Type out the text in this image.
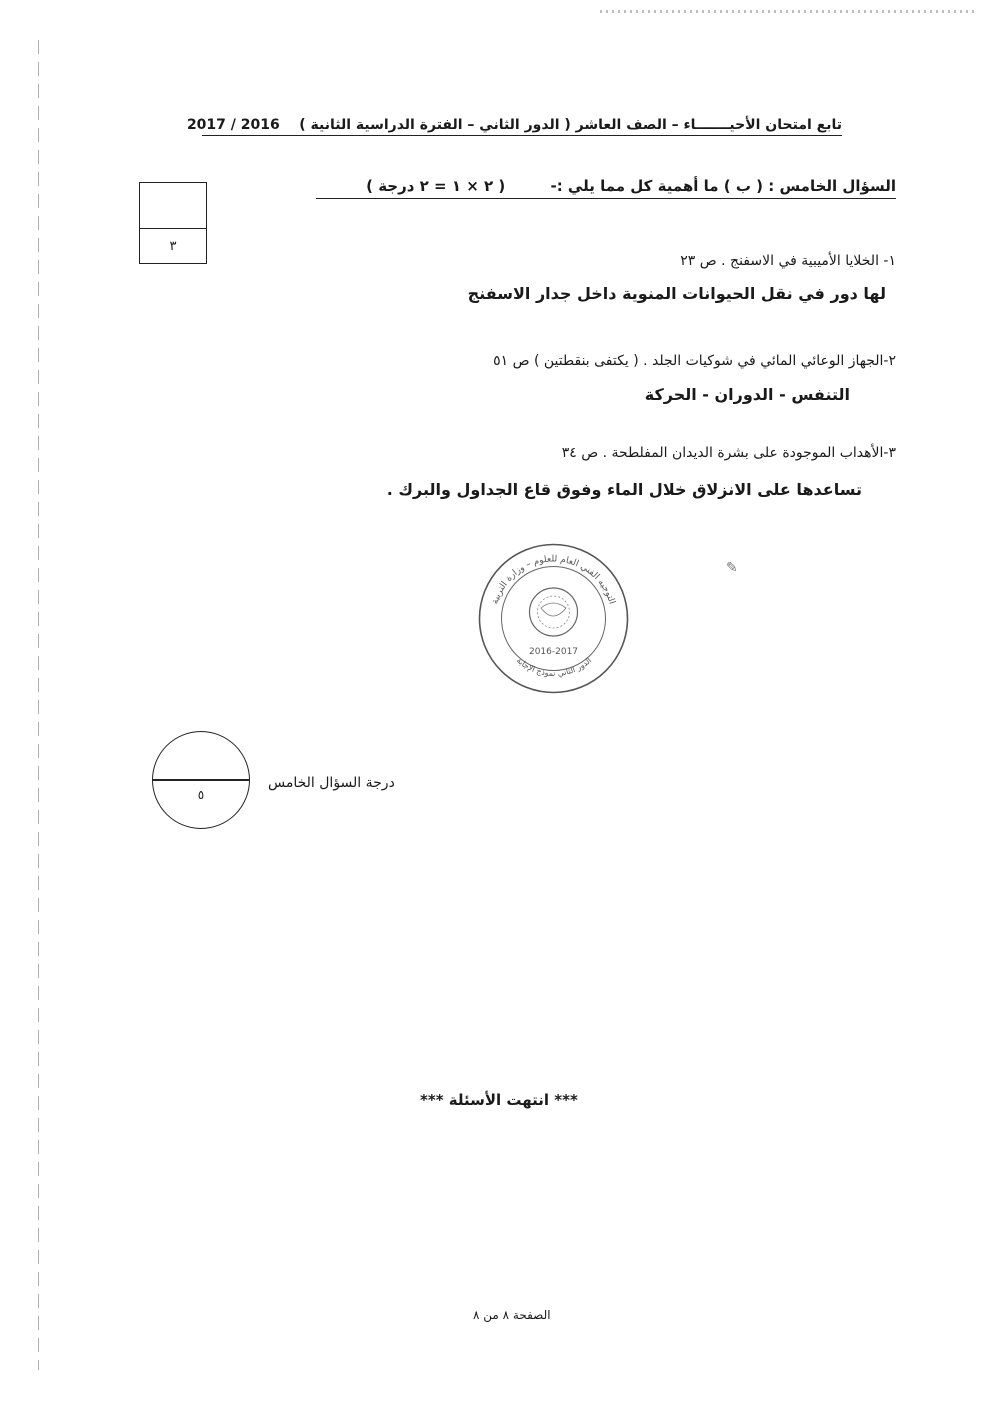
تابع امتحان الأحيـــــــاء – الصف العاشر ( الدور الثاني – الفترة الدراسية الثانية )    2017 / 2016
٣
السؤال الخامس : ( ب ) ما أهمية كل مما يلي :- ( ٢ × ١ = ٢ درجة )
١- الخلايا الأميبية في الاسفنج . ص ٢٣
لها دور في نقل الحيوانات المنوية داخل جدار الاسفنج
٢-الجهاز الوعائي المائي في شوكيات الجلد . ( يكتفى بنقطتين ) ص ٥١
التنفس - الدوران - الحركة
٣-الأهداب الموجودة على بشرة الديدان المفلطحة . ص ٣٤
تساعدها على الانزلاق خلال الماء وفوق قاع الجداول والبرك .
التوجيه الفني العام للعلوم – وزارة التربية
الدور الثاني نموذج الإجابة
2016-2017
✎
٥
درجة السؤال الخامس
*** انتهت الأسئلة ***
الصفحة ٨ من ٨
